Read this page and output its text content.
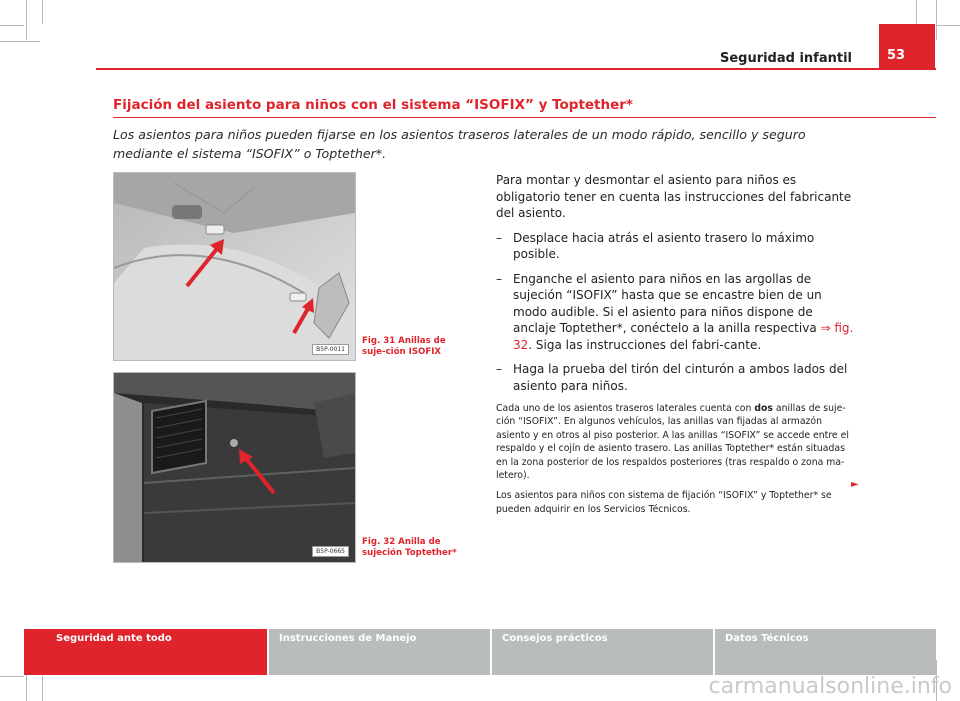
Seguridad infantil	53
Fijación del asiento para niños con el sistema “ISOFIX” y Toptether*
Los asientos para niños pueden fijarse en los asientos traseros laterales de un modo rápido, sencillo y seguro mediante el sistema “ISOFIX” o Toptether*.
B5P-0011
Fig. 31 Anillas de suje-ción ISOFIX
B5P-0665
Fig. 32 Anilla de sujeción Toptether*

Para montar y desmontar el asiento para niños es obligatorio tener en cuenta las instrucciones del fabricante del asiento.

– Desplace hacia atrás el asiento trasero lo máximo posible.
– Enganche el asiento para niños en las argollas de sujeción “ISOFIX” hasta que se encastre bien de un modo audible. Si el asiento para niños dispone de anclaje Toptether*, conéctelo a la anilla respectiva ⇒ fig. 32. Siga las instrucciones del fabri-cante.
– Haga la prueba del tirón del cinturón a ambos lados del asiento para niños.

Cada uno de los asientos traseros laterales cuenta con dos anillas de suje-ción “ISOFIX”. En algunos vehículos, las anillas van fijadas al armazón asiento y en otros al piso posterior. A las anillas “ISOFIX” se accede entre el respaldo y el cojín de asiento trasero. Las anillas Toptether* están situadas en la zona posterior de los respaldos posteriores (tras respaldo o zona ma-letero).

Los asientos para niños con sistema de fijación “ISOFIX” y Toptether* se pueden adquirir en los Servicios Técnicos.

►
Seguridad ante todo	Instrucciones de Manejo	Consejos prácticos	Datos Técnicos
carmanualsonline.info
